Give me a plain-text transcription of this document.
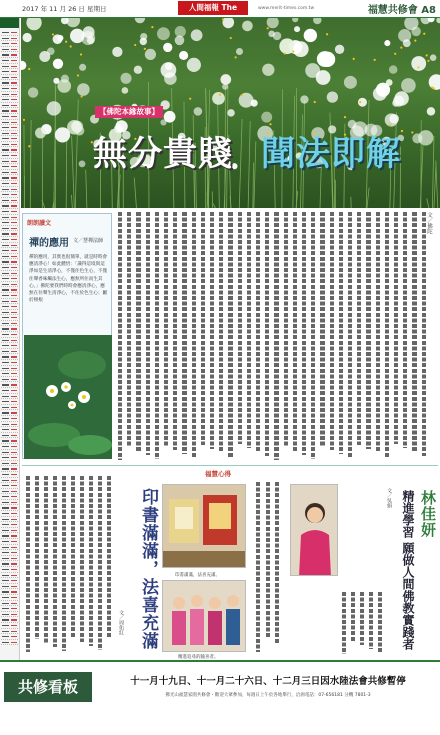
2017 年 11 月 26 日 星期日	人間福報 The	www.merit-times.com.tw	福慧共修會 A8
【佛陀本緣故事】
無分貴賤 聞法即解
朗朗讀文
禪的應用 文／慧禪法師
禪的應用，其實也很簡單，就是時時會應清淨心！如此體悟：「識得這境與這淨如是生清淨心，不僅住色生心，不僅住聲香味觸法生心，應無所住而生其心。」佛陀要我們時時會應清淨心，應無在住聲生清淨心，不住於色生心；屬於頓根
文／佛陀
福慧心得
印書滿滿，法喜充滿
文／周佑紅
印書滿滿，法喜充滿。
精進追尋的隨喜者。
林佳妍
精進學習 願做人間佛教實踐者
文／吳娟
共修看板	十一月十九日、十一月二十六日、十二月三日因水陸法會共修暫停
佛光山福慧家園共修會・歡迎大眾參加，每週日上午於各地舉行，洽詢電話：07-656181 分機 7801-3
